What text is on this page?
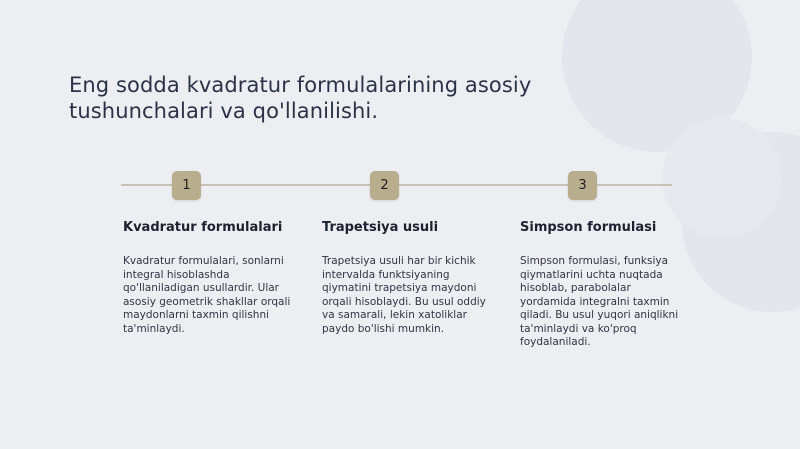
Eng sodda kvadratur formulalarining asosiy tushunchalari va qo'llanilishi.
1	2	3
Kvadratur formulalari	Trapetsiya usuli	Simpson formulasi

Kvadratur formulalari, sonlarni integral hisoblashda qo'llaniladigan usullardir. Ular asosiy geometrik shakllar orqali maydonlarni taxmin qilishni ta'minlaydi.

Trapetsiya usuli har bir kichik intervalda funktsiyaning qiymatini trapetsiya maydoni orqali hisoblaydi. Bu usul oddiy va samarali, lekin xatoliklar paydo bo'lishi mumkin.

Simpson formulasi, funksiya qiymatlarini uchta nuqtada hisoblab, parabolalar yordamida integralni taxmin qiladi. Bu usul yuqori aniqlikni ta'minlaydi va ko'proq foydalaniladi.
